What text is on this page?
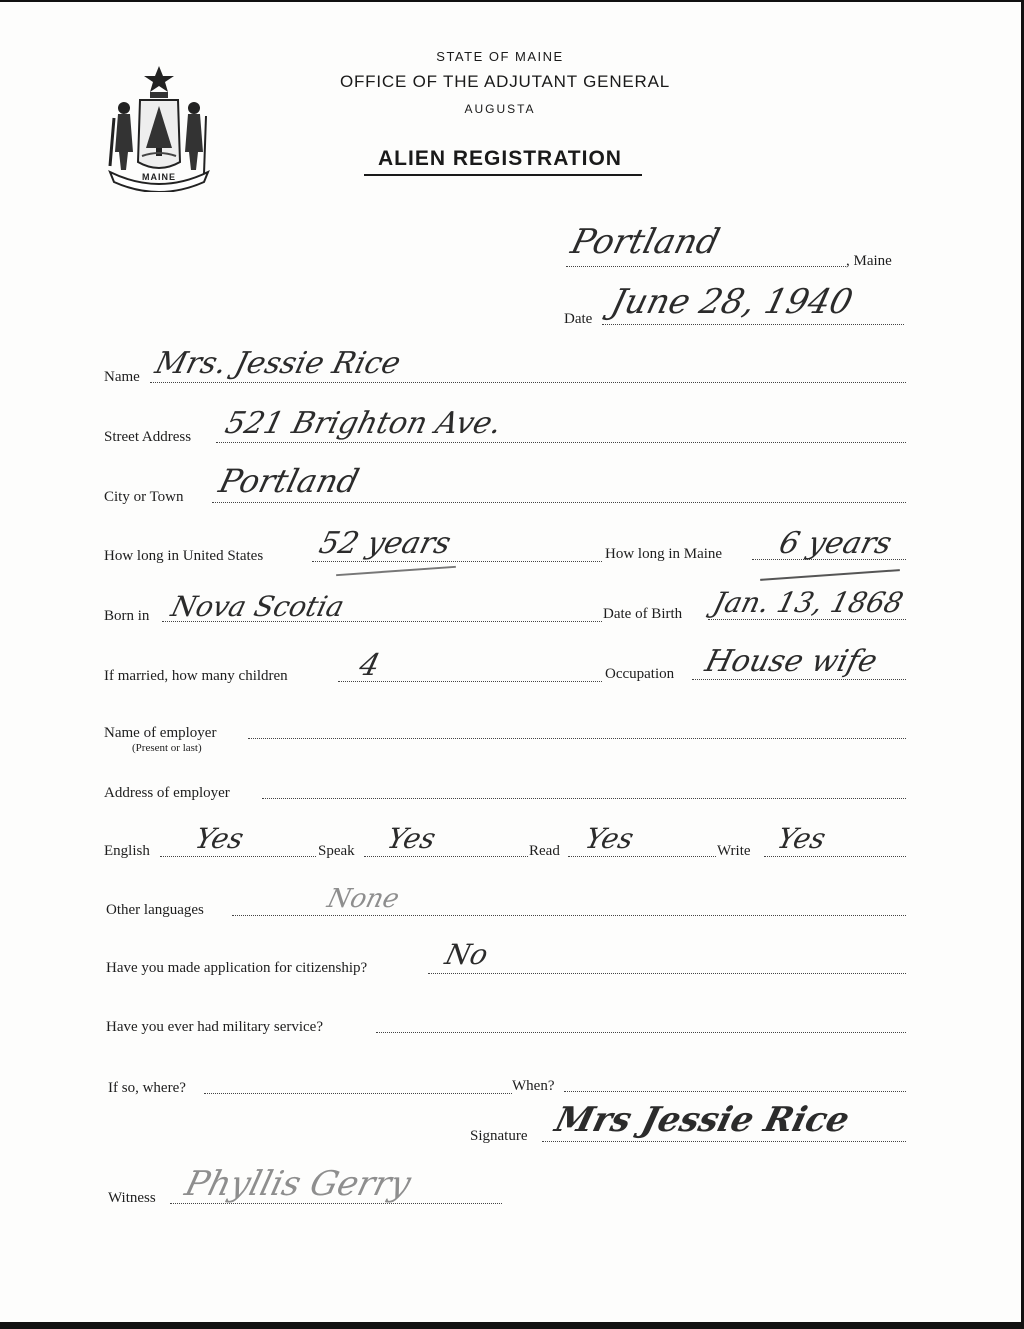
MAINE
STATE OF MAINE
OFFICE OF THE ADJUTANT GENERAL
AUGUSTA
ALIEN REGISTRATION
Portland	, Maine
Date June 28, 1940
Name Mrs. Jessie Rice
Street Address 521 Brighton Ave.
City or Town Portland
How long in United States 52 years	How long in Maine 6 years
Born in Nova Scotia	Date of Birth Jan. 13, 1868
If married, how many children 4	Occupation House wife
Name of employer
(Present or last)
Address of employer
English Yes	Speak Yes	Read Yes	Write Yes
Other languages	None
Have you made application for citizenship?	No
Have you ever had military service?
If so, where?	When?
Signature Mrs Jessie Rice
Witness Phyllis Gerry
